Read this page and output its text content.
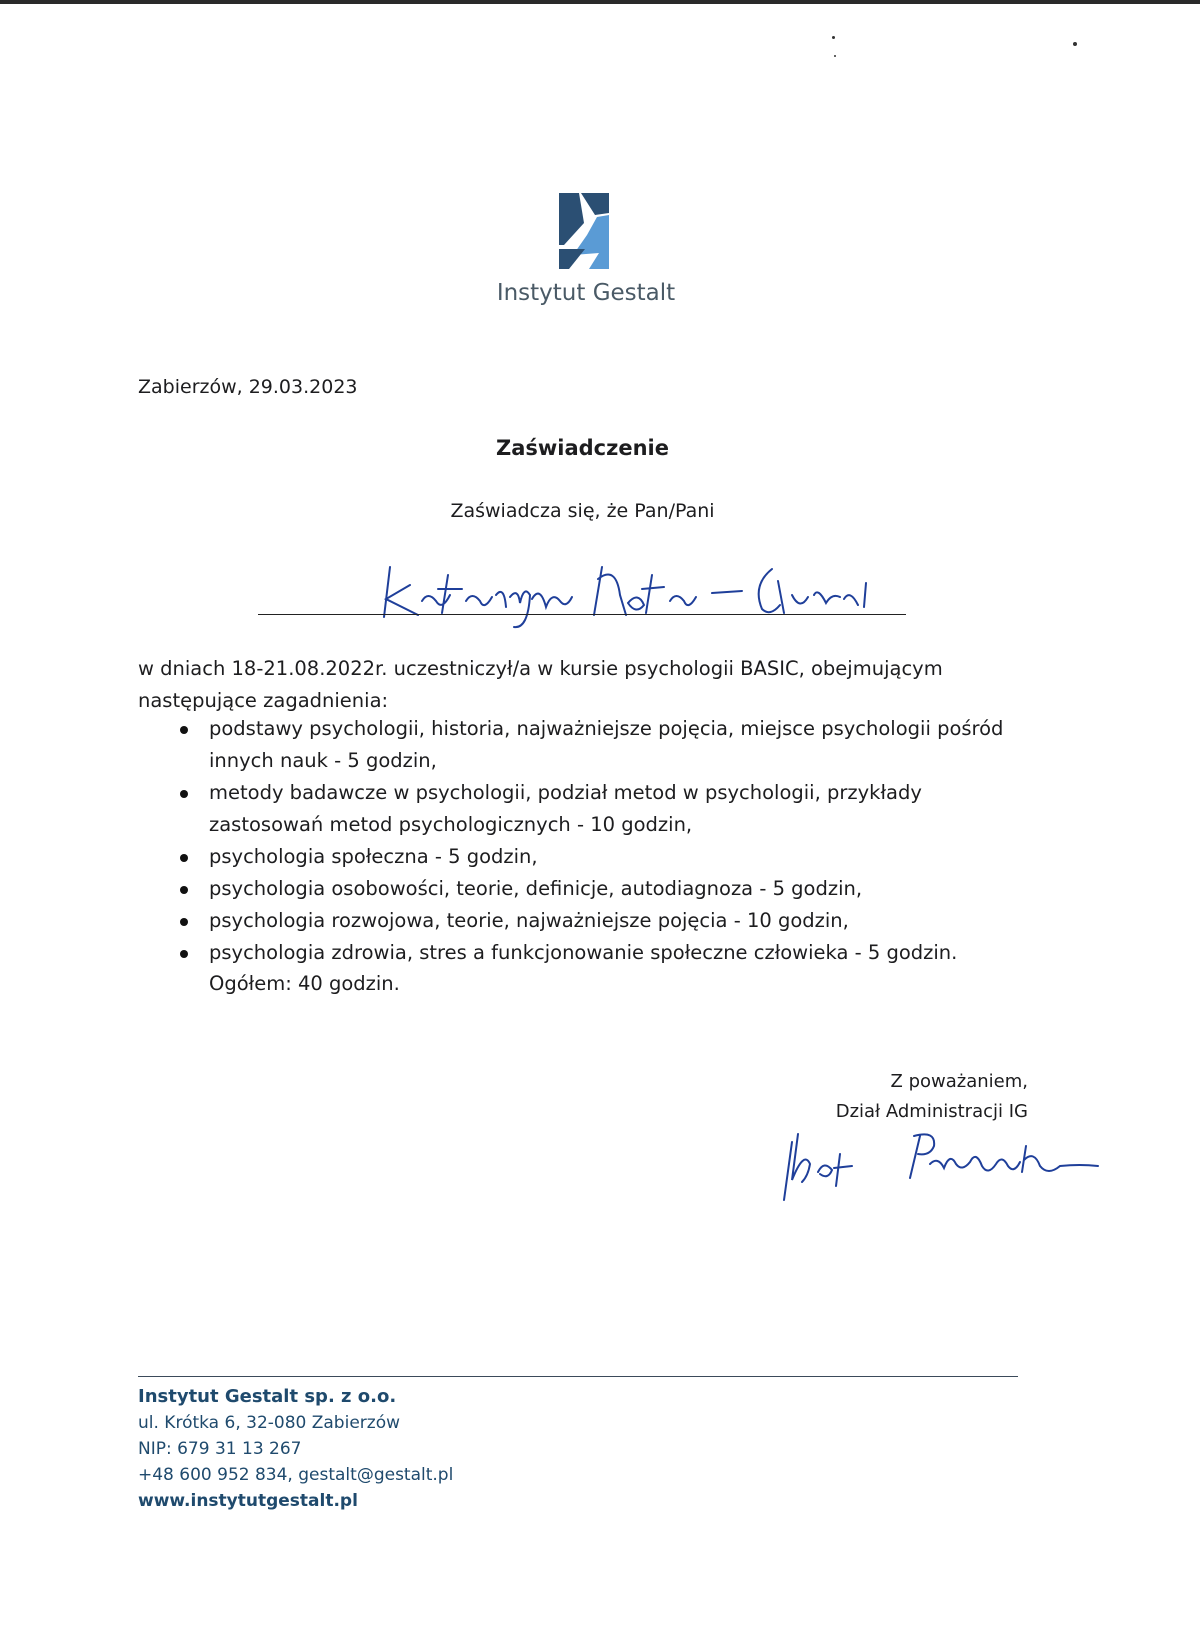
Instytut Gestalt
Zabierzów, 29.03.2023
Zaświadczenie
Zaświadcza się, że Pan/Pani
w dniach 18-21.08.2022r. uczestniczył/a w kursie psychologii BASIC, obejmującym następujące zagadnienia:
podstawy psychologii, historia, najważniejsze pojęcia, miejsce psychologii pośród innych nauk - 5 godzin,
metody badawcze w psychologii, podział metod w psychologii, przykłady zastosowań metod psychologicznych - 10 godzin,
psychologia społeczna - 5 godzin,
psychologia osobowości, teorie, definicje, autodiagnoza - 5 godzin,
psychologia rozwojowa, teorie, najważniejsze pojęcia - 10 godzin,
psychologia zdrowia, stres a funkcjonowanie społeczne człowieka - 5 godzin.
Ogółem: 40 godzin.
Z poważaniem,
Dział Administracji IG
Instytut Gestalt sp. z o.o.
ul. Krótka 6, 32-080 Zabierzów
NIP: 679 31 13 267
+48 600 952 834, gestalt@gestalt.pl
www.instytutgestalt.pl
